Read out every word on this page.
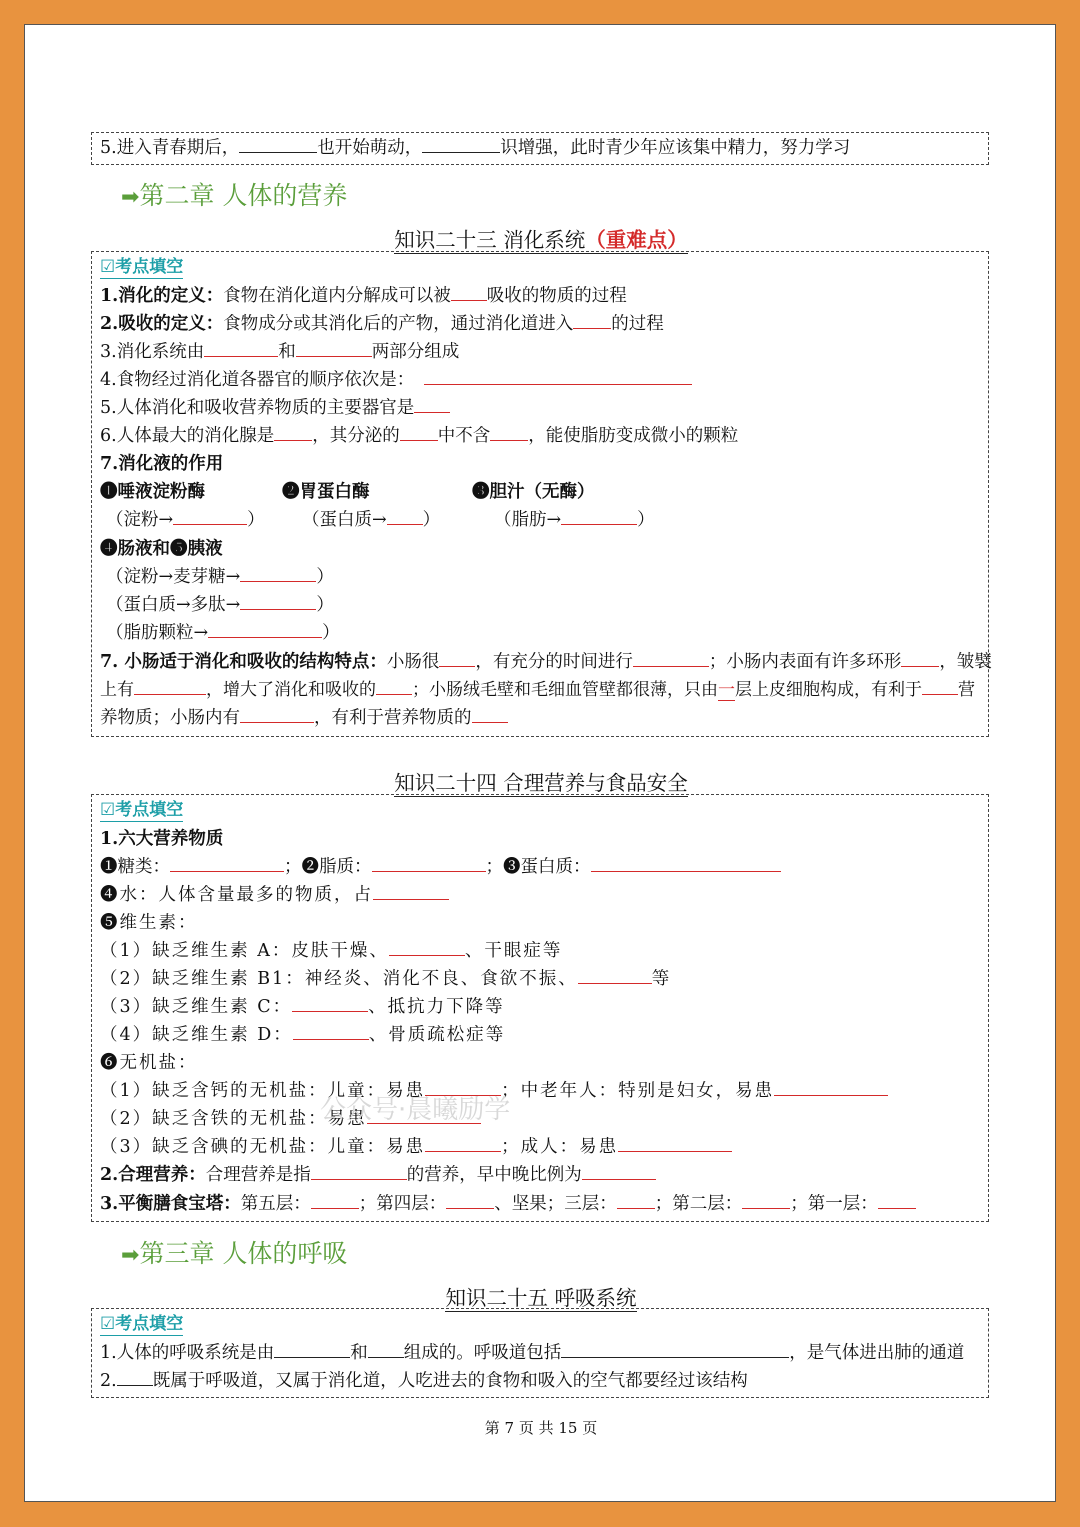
5.进入青春期后，	也开始萌动，	识增强，此时青少年应该集中精力，努力学习
➡第二章 人体的营养
知识二十三 消化系统（重难点）
☑考点填空
1.消化的定义：食物在消化道内分解成可以被 吸收的物质的过程
2.吸收的定义：食物成分或其消化后的产物，通过消化道进入 的过程
3.消化系统由	和	两部分组成
4.食物经过消化道各器官的顺序依次是：
5.人体消化和吸收营养物质的主要器官是
6.人体最大的消化腺是 ，其分泌的 中不含 ，能使脂肪变成微小的颗粒
7.消化液的作用
❶唾液淀粉酶	❷胃蛋白酶	❸胆汁（无酶）
（淀粉→	） （蛋白质→ ）	（脂肪→	）
❹肠液和❺胰液
（淀粉→麦芽糖→	）
（蛋白质→多肽→	）
（脂肪颗粒→	）
7. 小肠适于消化和吸收的结构特点：小肠很 ，有充分的时间进行	；小肠内表面有许多环形 ，皱襞
上有	，增大了消化和吸收的 ；小肠绒毛壁和毛细血管壁都很薄，只由一层上皮细胞构成，有利于 营
养物质；小肠内有	，有利于营养物质的
知识二十四 合理营养与食品安全
☑考点填空
1.六大营养物质
❶糖类：	；❷脂质：	；❸蛋白质：
❹水：人体含量最多的物质，占
❺维生素：
（1）缺乏维生素 A：皮肤干燥、	、干眼症等
（2）缺乏维生素 B1：神经炎、消化不良、食欲不振、	等
（3）缺乏维生素 C：	、抵抗力下降等
（4）缺乏维生素 D：	、骨质疏松症等
❻无机盐：
（1）缺乏含钙的无机盐：儿童：易患	；中老年人：特别是妇女，易患
（2）缺乏含铁的无机盐：易患
（3）缺乏含碘的无机盐：儿童：易患	；成人：易患
2.合理营养：合理营养是指	的营养，早中晚比例为
3.平衡膳食宝塔：第五层：	；第四层：	、坚果；三层： ；第二层：	；第一层：
➡第三章 人体的呼吸
知识二十五 呼吸系统
☑考点填空
1.人体的呼吸系统是由	和 组成的。呼吸道包括	，是气体进出肺的通道
2. 既属于呼吸道，又属于消化道，人吃进去的食物和吸入的空气都要经过该结构
公众号·晨曦励学
第 7 页 共 15 页
